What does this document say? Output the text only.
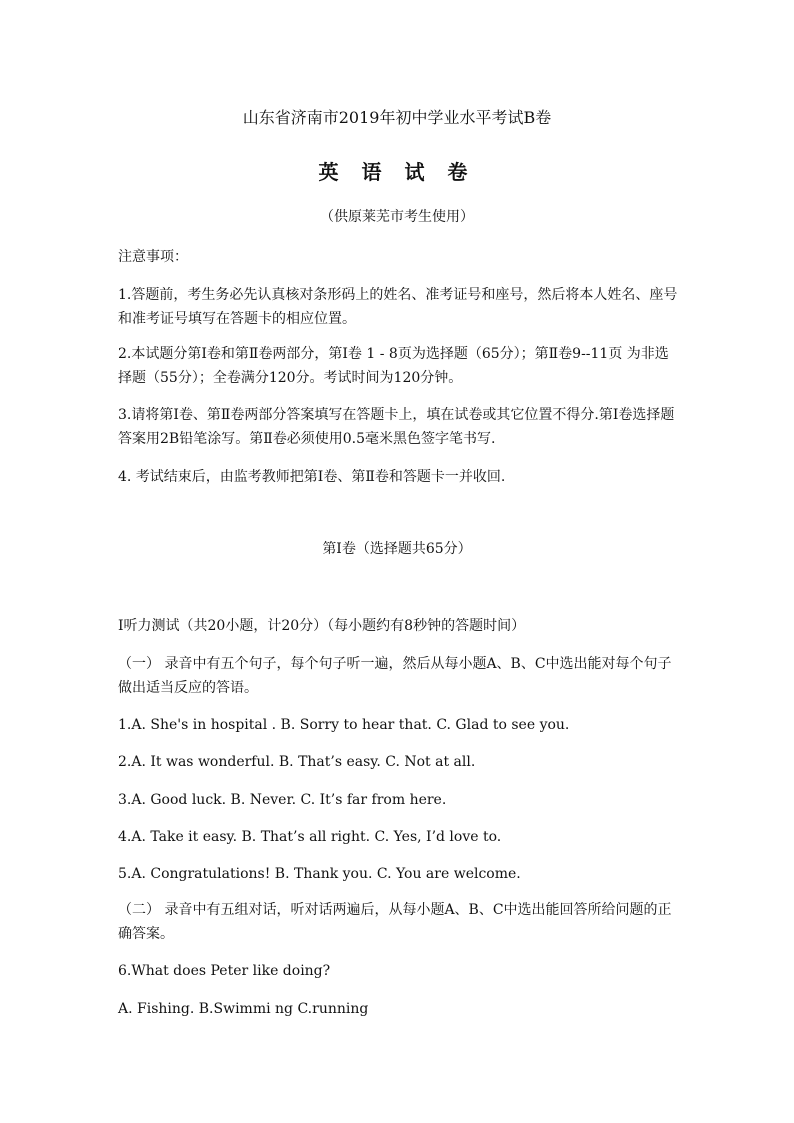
山东省济南市2019年初中学业水平考试B卷
英 语 试 卷
（供原莱芜市考生使用）
注意事项：
1.答题前，考生务必先认真核对条形码上的姓名、准考证号和座号，然后将本人姓名、座号和准考证号填写在答题卡的相应位置。
2.本试题分第Ⅰ卷和第Ⅱ卷两部分，第Ⅰ卷 1 - 8页为选择题（65分）；第Ⅱ卷9--11页 为非选择题（55分）；全卷满分120分。考试时间为120分钟。
3.请将第Ⅰ卷、第Ⅱ卷两部分答案填写在答题卡上，填在试卷或其它位置不得分.第Ⅰ卷选择题答案用2B铅笔涂写。第Ⅱ卷必须使用0.5毫米黑色签字笔书写.
4. 考试结束后，由监考教师把第Ⅰ卷、第Ⅱ卷和答题卡一并收回.
第Ⅰ卷（选择题共65分）
Ⅰ听力测试（共20小题，计20分）（每小题约有8秒钟的答题时间）
（一） 录音中有五个句子，每个句子听一遍，然后从每小题A、B、C中选出能对每个句子 做出适当反应的答语。
1.A. She's in hospital . B. Sorry to hear that. C. Glad to see you.
2.A. It was wonderful. B. That’s easy. C. Not at all.
3.A. Good luck. B. Never. C. It’s far from here.
4.A. Take it easy. B. That’s all right. C. Yes, I’d love to.
5.A. Congratulations! B. Thank you. C. You are welcome.
（二） 录音中有五组对话，听对话两遍后，从每小题A、B、C中选出能回答所给问题的正确答案。
6.What does Peter like doing?
A. Fishing. B.Swimmi ng C.running
